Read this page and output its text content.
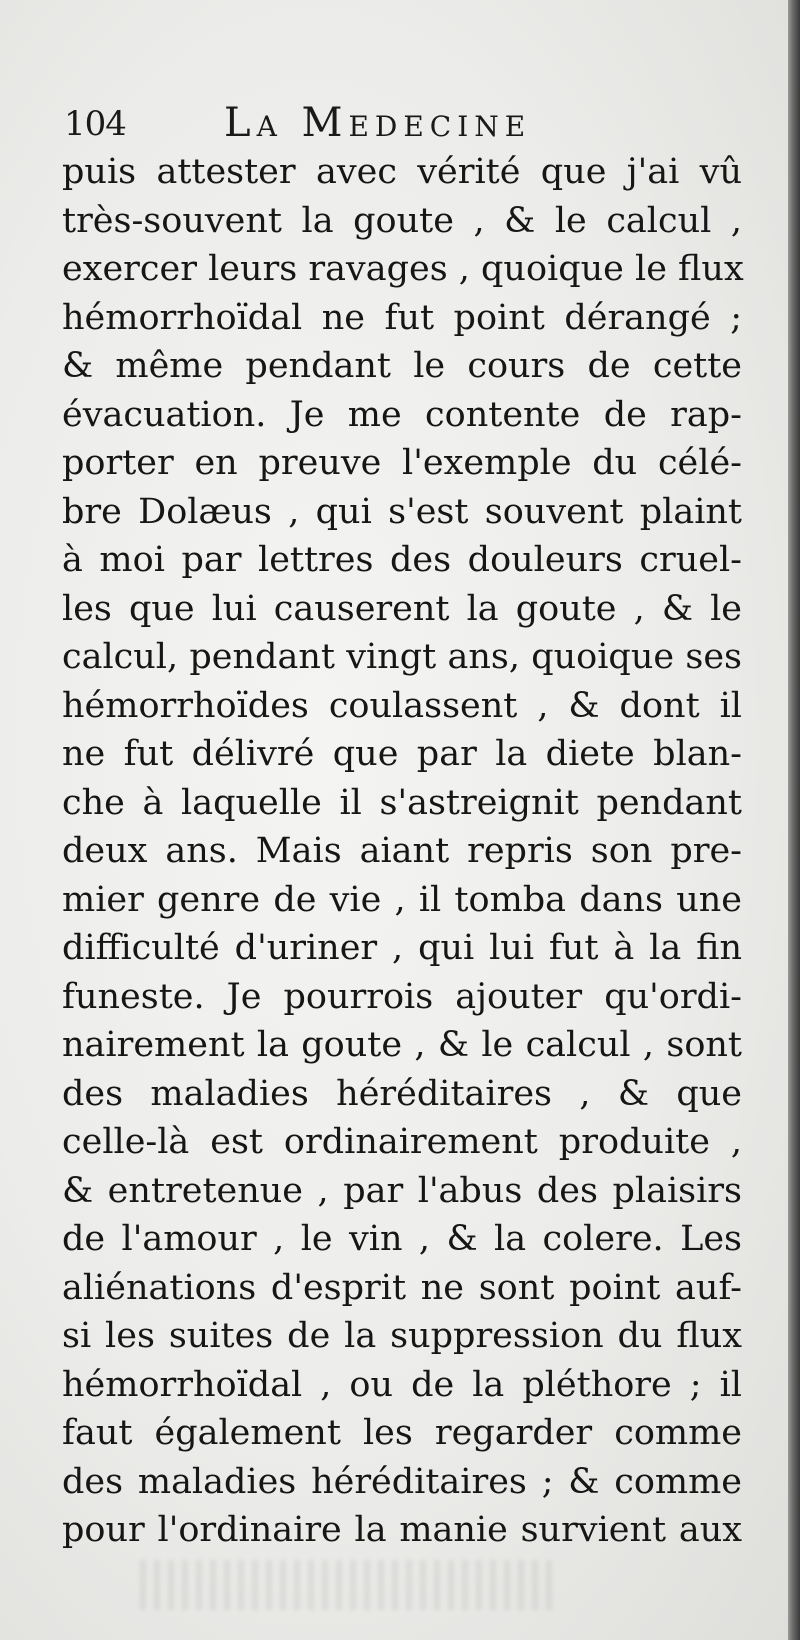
104 La Medecine
puis attester avec vérité que j'ai vû
très-souvent la goute , & le calcul ,
exercer leurs ravages , quoique le flux
hémorrhoïdal ne fut point dérangé ;
& même pendant le cours de cette
évacuation. Je me contente de rap-
porter en preuve l'exemple du célé-
bre Dolæus , qui s'est souvent plaint
à moi par lettres des douleurs cruel-
les que lui causerent la goute , & le
calcul, pendant vingt ans, quoique ses
hémorrhoïdes coulassent , & dont il
ne fut délivré que par la diete blan-
che à laquelle il s'astreignit pendant
deux ans. Mais aiant repris son pre-
mier genre de vie , il tomba dans une
difficulté d'uriner , qui lui fut à la fin
funeste. Je pourrois ajouter qu'ordi-
nairement la goute , & le calcul , sont
des maladies héréditaires , & que
celle-là est ordinairement produite ,
& entretenue , par l'abus des plaisirs
de l'amour , le vin , & la colere. Les
aliénations d'esprit ne sont point auf-
si les suites de la suppression du flux
hémorrhoïdal , ou de la pléthore ; il
faut également les regarder comme
des maladies héréditaires ; & comme
pour l'ordinaire la manie survient aux
